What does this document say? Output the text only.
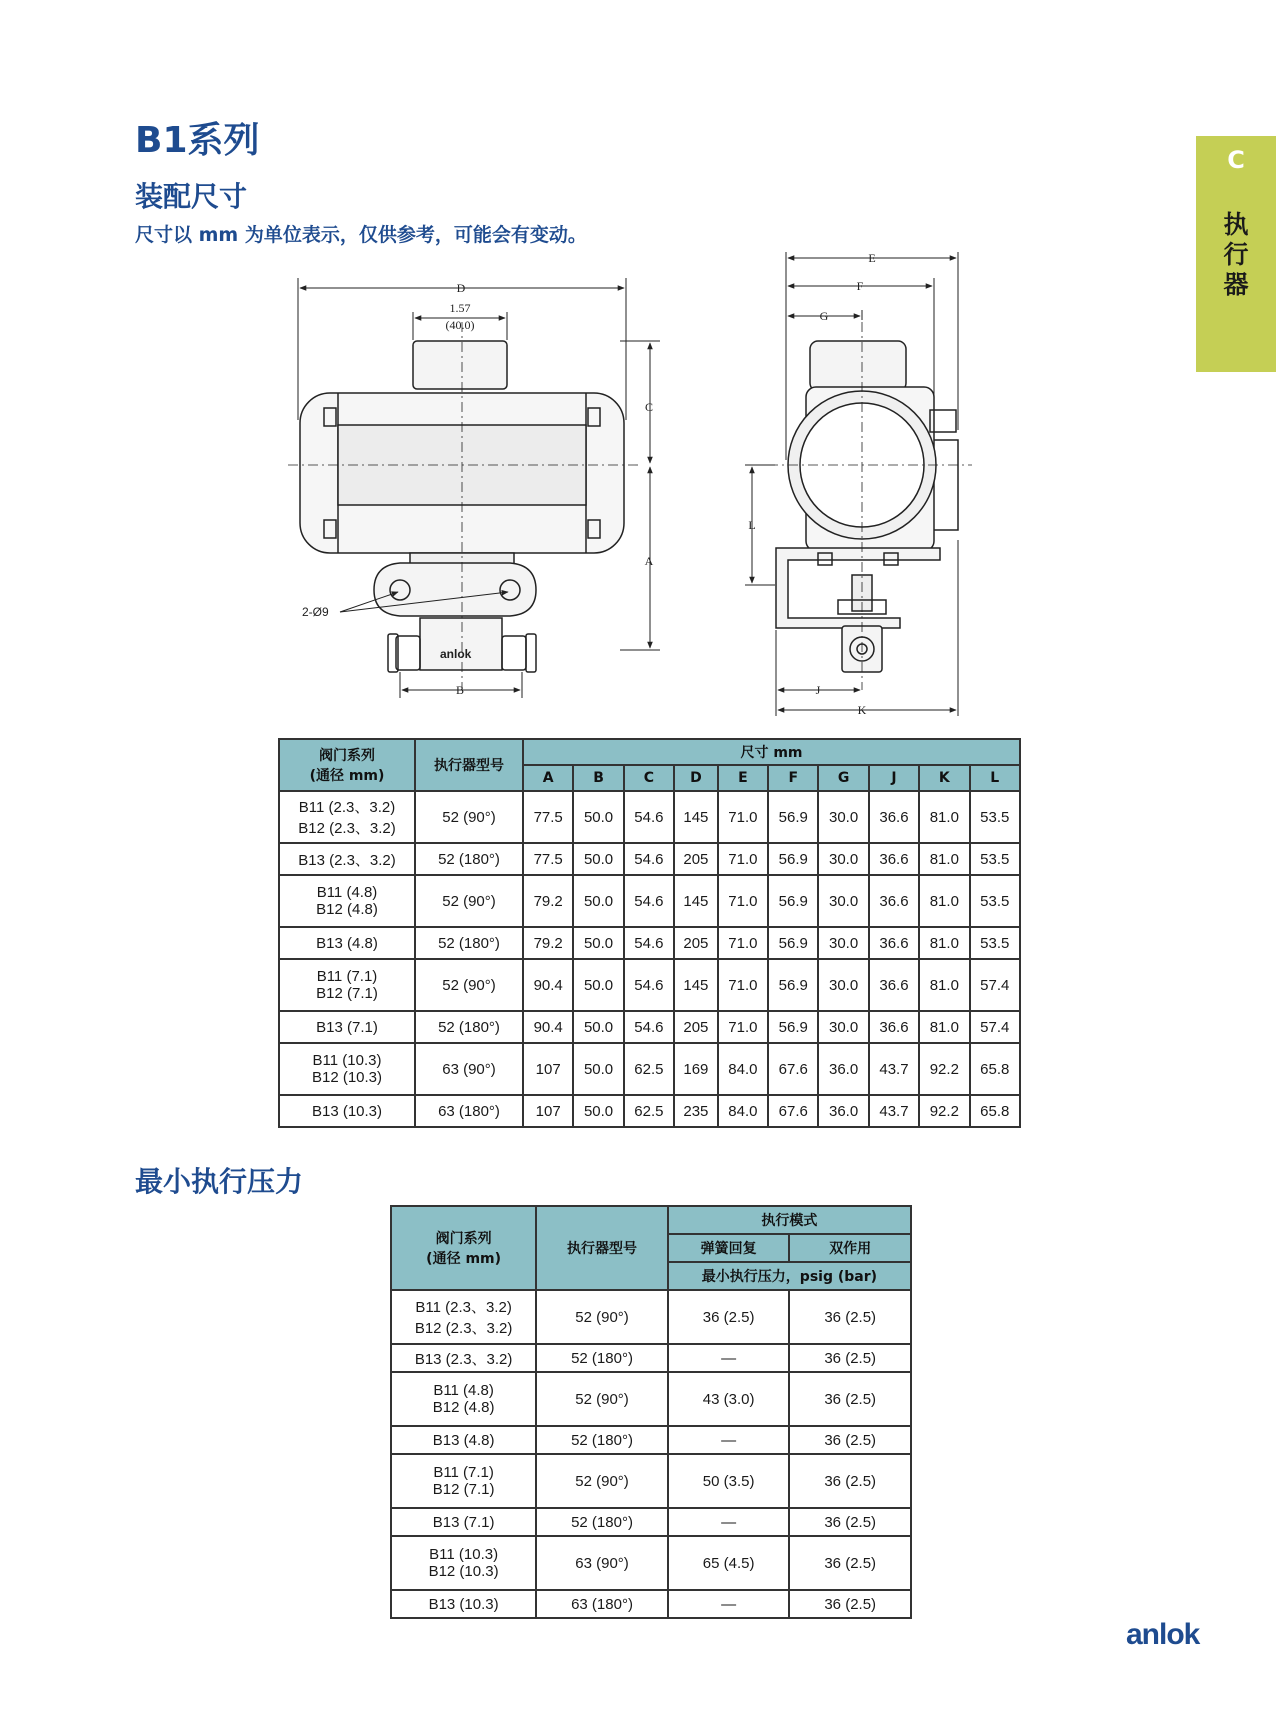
B1系列
装配尺寸

尺寸以 mm 为单位表示，仅供参考，可能会有变动。

C
执
行
器
D
1.57
(40.0)
C
A
B
2-Ø9
anlok
E
F
G
L
J
K
阀门系列
(通径 mm)	执行器型号	尺寸 mm									
		A	B	C	D	E	F	G	J	K	L

B11 (2.3、3.2)
B12 (2.3、3.2)	52 (90°)	77.5	50.0	54.6	145	71.0	56.9	30.0	36.6	81.0	53.5

B13 (2.3、3.2)	52 (180°)	77.5	50.0	54.6	205	71.0	56.9	30.0	36.6	81.0	53.5

B11 (4.8)
B12 (4.8)	52 (90°)	79.2	50.0	54.6	145	71.0	56.9	30.0	36.6	81.0	53.5

B13 (4.8)	52 (180°)	79.2	50.0	54.6	205	71.0	56.9	30.0	36.6	81.0	53.5

B11 (7.1)
B12 (7.1)	52 (90°)	90.4	50.0	54.6	145	71.0	56.9	30.0	36.6	81.0	57.4

B13 (7.1)	52 (180°)	90.4	50.0	54.6	205	71.0	56.9	30.0	36.6	81.0	57.4

B11 (10.3)
B12 (10.3)	63 (90°)	107	50.0	62.5	169	84.0	67.6	36.0	43.7	92.2	65.8

B13 (10.3)	63 (180°)	107	50.0	62.5	235	84.0	67.6	36.0	43.7	92.2	65.8
最小执行压力
阀门系列
(通径 mm)	执行器型号	执行模式	
		弹簧回复	双作用
		最小执行压力，psig (bar)	

B11 (2.3、3.2)
B12 (2.3、3.2)	52 (90°)	36 (2.5)	36 (2.5)

B13 (2.3、3.2)	52 (180°)	—	36 (2.5)

B11 (4.8)
B12 (4.8)	52 (90°)	43 (3.0)	36 (2.5)

B13 (4.8)	52 (180°)	—	36 (2.5)

B11 (7.1)
B12 (7.1)	52 (90°)	50 (3.5)	36 (2.5)

B13 (7.1)	52 (180°)	—	36 (2.5)

B11 (10.3)
B12 (10.3)	63 (90°)	65 (4.5)	36 (2.5)

B13 (10.3)	63 (180°)	—	36 (2.5)
anlok
